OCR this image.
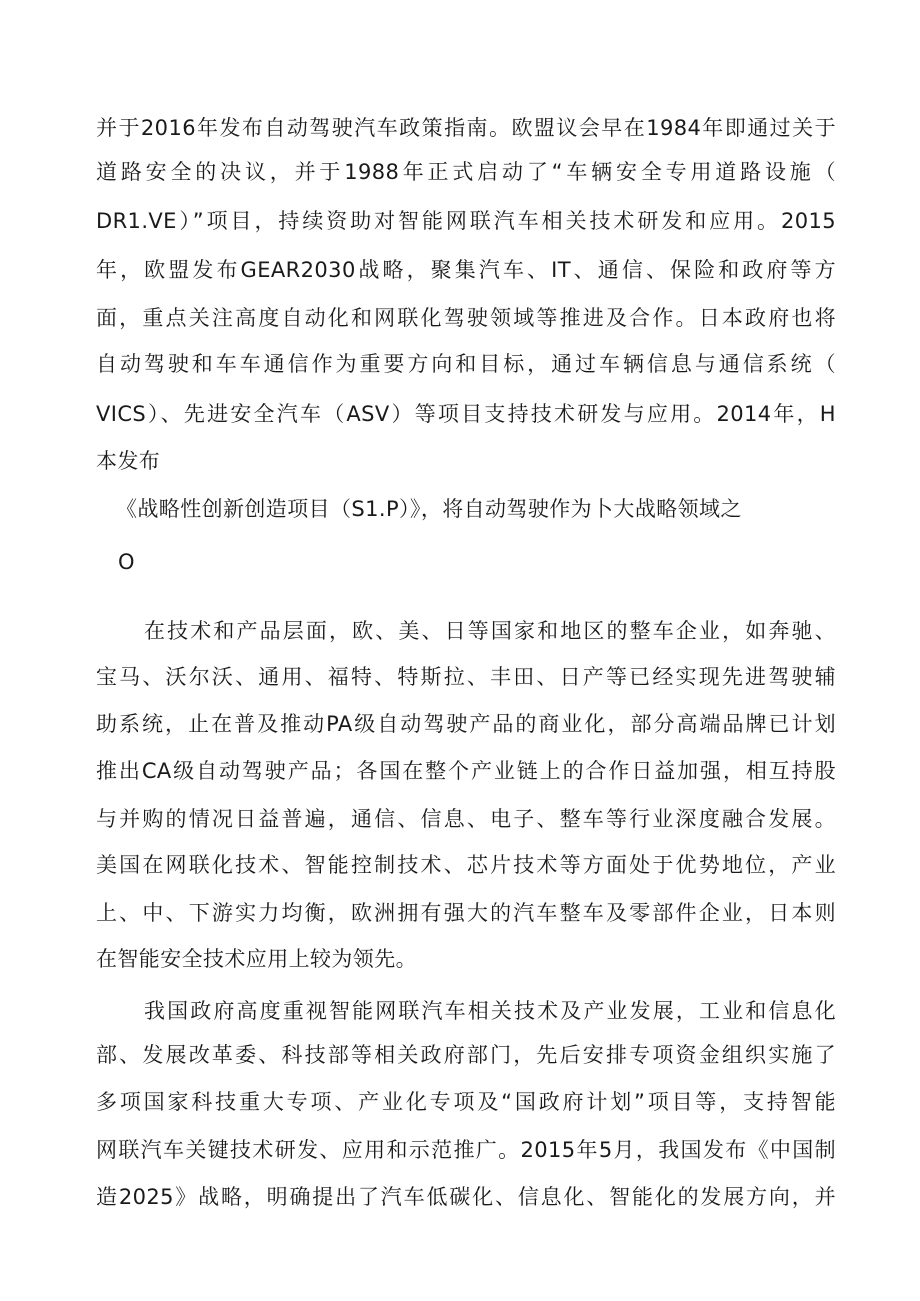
并于2016年发布自动驾驶汽车政策指南。欧盟议会早在1984年即通过关于
道路安全的决议，并于1988年正式启动了“车辆安全专用道路设施（
DR1.VE）”项目，持续资助对智能网联汽车相关技术研发和应用。2015
年，欧盟发布GEAR2030战略，聚集汽车、IT、通信、保险和政府等方
面，重点关注高度自动化和网联化驾驶领域等推进及合作。日本政府也将
自动驾驶和车车通信作为重要方向和目标，通过车辆信息与通信系统（
VICS）、先进安全汽车（ASV）等项目支持技术研发与应用。2014年，H
本发布
《战略性创新创造项目（S1.P）》，将自动驾驶作为卜大战略领域之
O
在技术和产品层面，欧、美、日等国家和地区的整车企业，如奔驰、
宝马、沃尔沃、通用、福特、特斯拉、丰田、日产等已经实现先进驾驶辅
助系统，止在普及推动PA级自动驾驶产品的商业化，部分高端品牌已计划
推出CA级自动驾驶产品；各国在整个产业链上的合作日益加强，相互持股
与并购的情况日益普遍，通信、信息、电子、整车等行业深度融合发展。
美国在网联化技术、智能控制技术、芯片技术等方面处于优势地位，产业
上、中、下游实力均衡，欧洲拥有强大的汽车整车及零部件企业，日本则
在智能安全技术应用上较为领先。
我国政府高度重视智能网联汽车相关技术及产业发展，工业和信息化
部、发展改革委、科技部等相关政府部门，先后安排专项资金组织实施了
多项国家科技重大专项、产业化专项及“国政府计划”项目等，支持智能
网联汽车关键技术研发、应用和示范推广。2015年5月，我国发布《中国制
造2025》战略，明确提出了汽车低碳化、信息化、智能化的发展方向，并
